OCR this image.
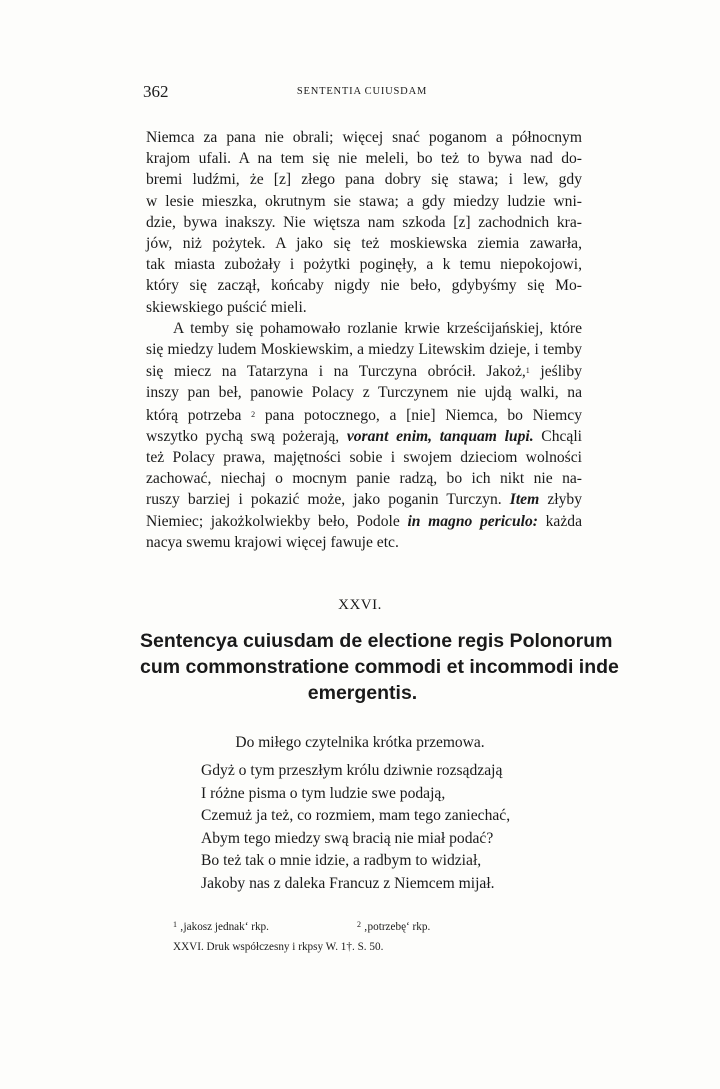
362	SENTENTIA CUIUSDAM
Niemca za pana nie obrali; więcej snać poganom a północnym
krajom ufali. A na tem się nie meleli, bo też to bywa nad do-
bremi ludźmi, że [z] złego pana dobry się stawa; i lew, gdy
w lesie mieszka, okrutnym sie stawa; a gdy miedzy ludzie wni-
dzie, bywa inakszy. Nie więtsza nam szkoda [z] zachodnich kra-
jów, niż pożytek. A jako się też moskiewska ziemia zawarła,
tak miasta zubożały i pożytki poginęły, a k temu niepokojowi,
który się zaczął, końcaby nigdy nie beło, gdybyśmy się Mo-
skiewskiego puścić mieli.
A temby się pohamowało rozlanie krwie krześcijańskiej, które
się miedzy ludem Moskiewskim, a miedzy Litewskim dzieje, i temby
się miecz na Tatarzyna i na Turczyna obrócił. Jakoż,$^1$ jeśliby
inszy pan beł, panowie Polacy z Turczynem nie ujdą walki, na
którą potrzeba $^2$ pana potocznego, a [nie] Niemca, bo Niemcy
wszytko pychą swą pożerają, vorant enim, tanquam lupi. Chcąli
też Polacy prawa, majętności sobie i swojem dzieciom wolności
zachować, niechaj o mocnym panie radzą, bo ich nikt nie na-
ruszy barziej i pokazić może, jako poganin Turczyn. Item złyby
Niemiec; jakożkolwiekby beło, Podole in magno periculo: każda
nacya swemu krajowi więcej fawuje etc.
XXVI.
Sentencya cuiusdam de electione regis Polonorum
cum commonstratione commodi et incommodi inde
emergentis.
Do miłego czytelnika krótka przemowa.
Gdyż o tym przeszłym królu dziwnie rozsądzają
I różne pisma o tym ludzie swe podają,
Czemuż ja też, co rozmiem, mam tego zaniechać,
Abym tego miedzy swą bracią nie miał podać?
Bo też tak o mnie idzie, a radbym to widział,
Jakoby nas z daleka Francuz z Niemcem mijał.
$^1$ ‚jakosz jednak‘ rkp.	$^2$ ‚potrzebę‘ rkp.
XXVI. Druk współczesny i rkpsy W. 1†. S. 50.
